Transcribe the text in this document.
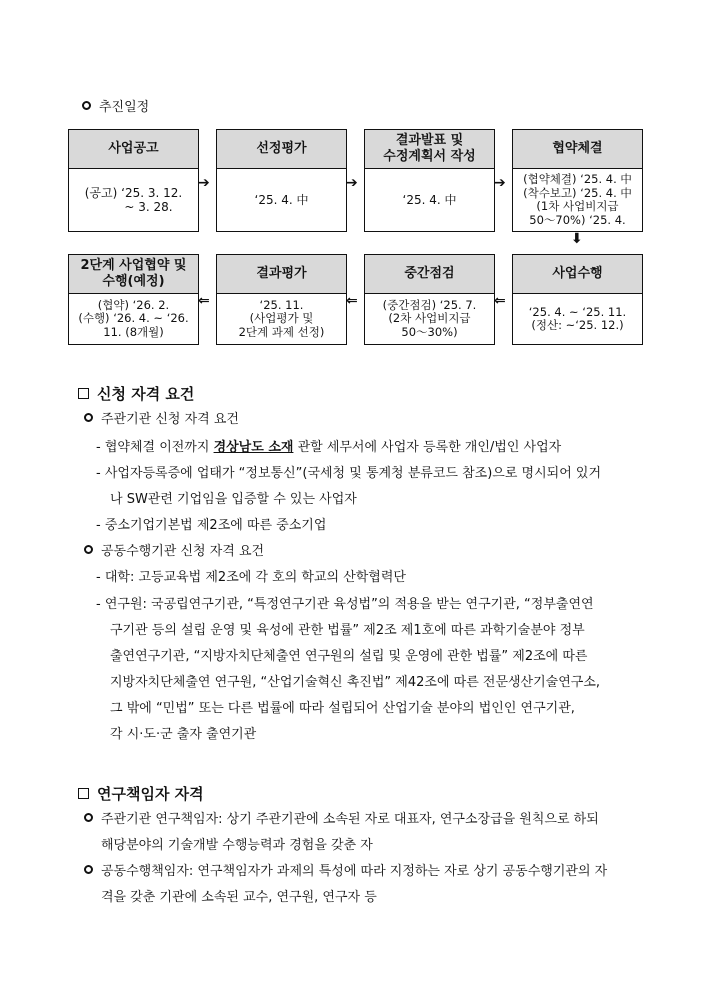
추진일정
사업공고
(공고) ‘25. 3. 12.
~ 3. 28.
선정평가
‘25. 4. 中
결과발표 및
수정계획서 작성
‘25. 4. 中
협약체결
(협약체결) ‘25. 4. 中
(착수보고) ‘25. 4. 中
(1차 사업비지급
50～70%) ‘25. 4.
➔	➔	➔
⬇
2단계 사업협약 및
수행(예정)
(협약) ‘26. 2.
(수행) ‘26. 4. ~ ‘26.
11. (8개월)
결과평가
‘25. 11.
(사업평가 및
2단계 과제 선정)
중간점검
(중간점검) ‘25. 7.
(2차 사업비지급
50～30%)
사업수행
‘25. 4. ~ ‘25. 11.
(정산: ~‘25. 12.)
⇐	⇐	⇐
신청 자격 요건
주관기관 신청 자격 요건
- 협약체결 이전까지 경상남도 소재 관할 세무서에 사업자 등록한 개인/법인 사업자
- 사업자등록증에 업태가 “정보통신”(국세청 및 통계청 분류코드 참조)으로 명시되어 있거
나 SW관련 기업임을 입증할 수 있는 사업자
- 중소기업기본법 제2조에 따른 중소기업
공동수행기관 신청 자격 요건
- 대학: 고등교육법 제2조에 각 호의 학교의 산학협력단
- 연구원: 국공립연구기관, “특정연구기관 육성법”의 적용을 받는 연구기관, “정부출연연
구기관 등의 설립 운영 및 육성에 관한 법률” 제2조 제1호에 따른 과학기술분야 정부
출연연구기관, “지방자치단체출연 연구원의 설립 및 운영에 관한 법률” 제2조에 따른
지방자치단체출연 연구원, “산업기술혁신 촉진법” 제42조에 따른 전문생산기술연구소,
그 밖에 “민법” 또는 다른 법률에 따라 설립되어 산업기술 분야의 법인인 연구기관,
각 시·도·군 출자 출연기관
연구책임자 자격
주관기관 연구책임자: 상기 주관기관에 소속된 자로 대표자, 연구소장급을 원칙으로 하되
해당분야의 기술개발 수행능력과 경험을 갖춘 자
공동수행책임자: 연구책임자가 과제의 특성에 따라 지정하는 자로 상기 공동수행기관의 자
격을 갖춘 기관에 소속된 교수, 연구원, 연구자 등
